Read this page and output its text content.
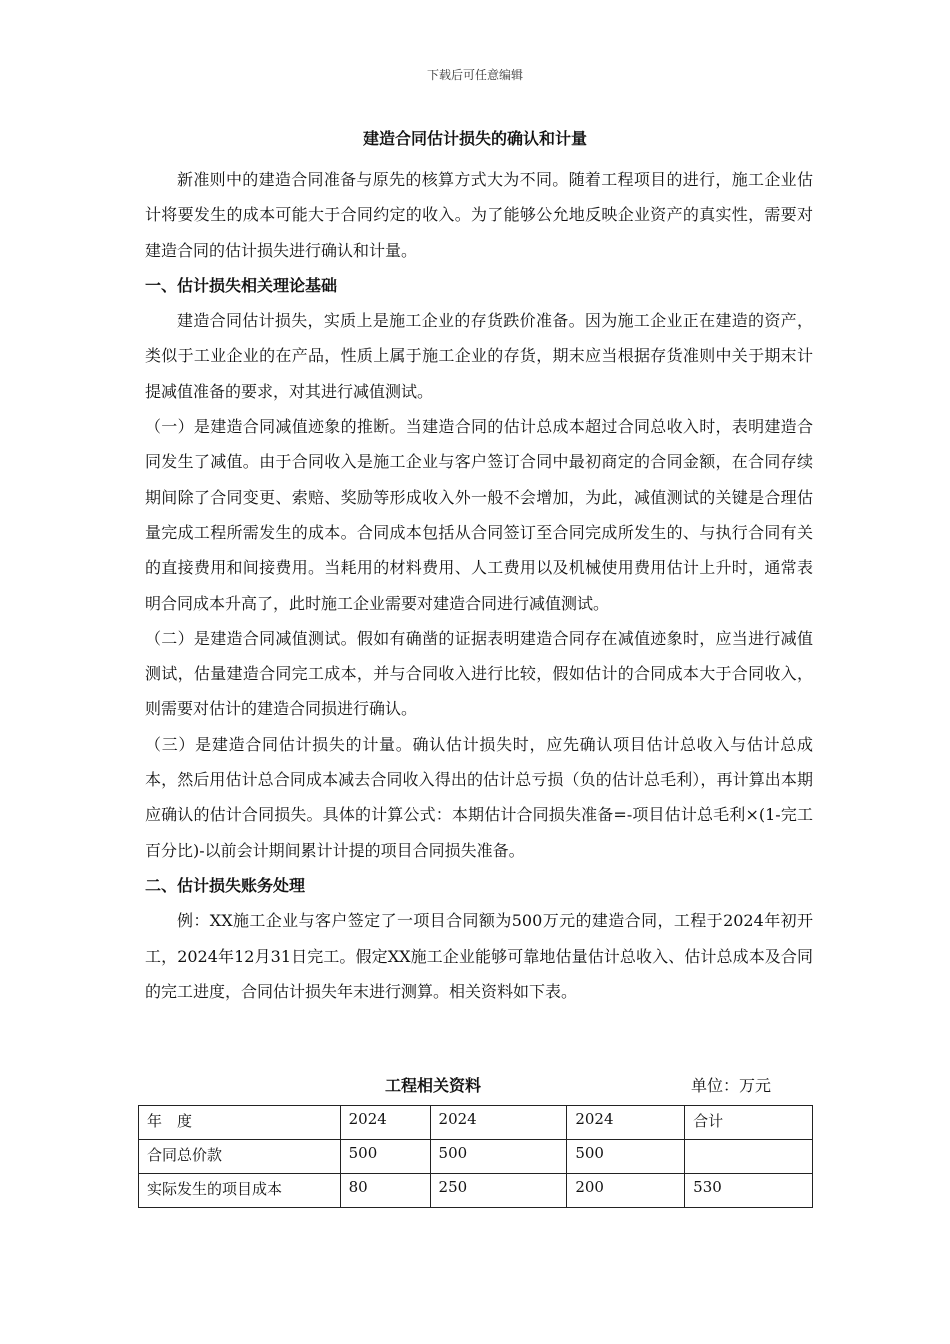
下载后可任意编辑
建造合同估计损失的确认和计量

新准则中的建造合同准备与原先的核算方式大为不同。随着工程项目的进行，施工企业估计将要发生的成本可能大于合同约定的收入。为了能够公允地反映企业资产的真实性，需要对建造合同的估计损失进行确认和计量。

一、估计损失相关理论基础

建造合同估计损失，实质上是施工企业的存货跌价准备。因为施工企业正在建造的资产，类似于工业企业的在产品，性质上属于施工企业的存货，期末应当根据存货准则中关于期末计提减值准备的要求，对其进行减值测试。

（一）是建造合同减值迹象的推断。当建造合同的估计总成本超过合同总收入时，表明建造合同发生了减值。由于合同收入是施工企业与客户签订合同中最初商定的合同金额，在合同存续期间除了合同变更、索赔、奖励等形成收入外一般不会增加，为此，减值测试的关键是合理估量完成工程所需发生的成本。合同成本包括从合同签订至合同完成所发生的、与执行合同有关的直接费用和间接费用。当耗用的材料费用、人工费用以及机械使用费用估计上升时，通常表明合同成本升高了，此时施工企业需要对建造合同进行减值测试。

（二）是建造合同减值测试。假如有确凿的证据表明建造合同存在减值迹象时，应当进行减值测试，估量建造合同完工成本，并与合同收入进行比较，假如估计的合同成本大于合同收入，则需要对估计的建造合同损进行确认。

（三）是建造合同估计损失的计量。确认估计损失时，应先确认项目估计总收入与估计总成本，然后用估计总合同成本减去合同收入得出的估计总亏损（负的估计总毛利），再计算出本期应确认的估计合同损失。具体的计算公式：本期估计合同损失准备=-项目估计总毛利×(1-完工百分比)-以前会计期间累计计提的项目合同损失准备。

二、估计损失账务处理

例：XX施工企业与客户签定了一项目合同额为500万元的建造合同，工程于2024年初开工，2024年12月31日完工。假定XX施工企业能够可靠地估量估计总收入、估计总成本及合同的完工进度，合同估计损失年末进行测算。相关资料如下表。

工程相关资料	单位：万元
年　度	2024	2024	2024	合计
合同总价款	500	500	500	
实际发生的项目成本	80	250	200	530
